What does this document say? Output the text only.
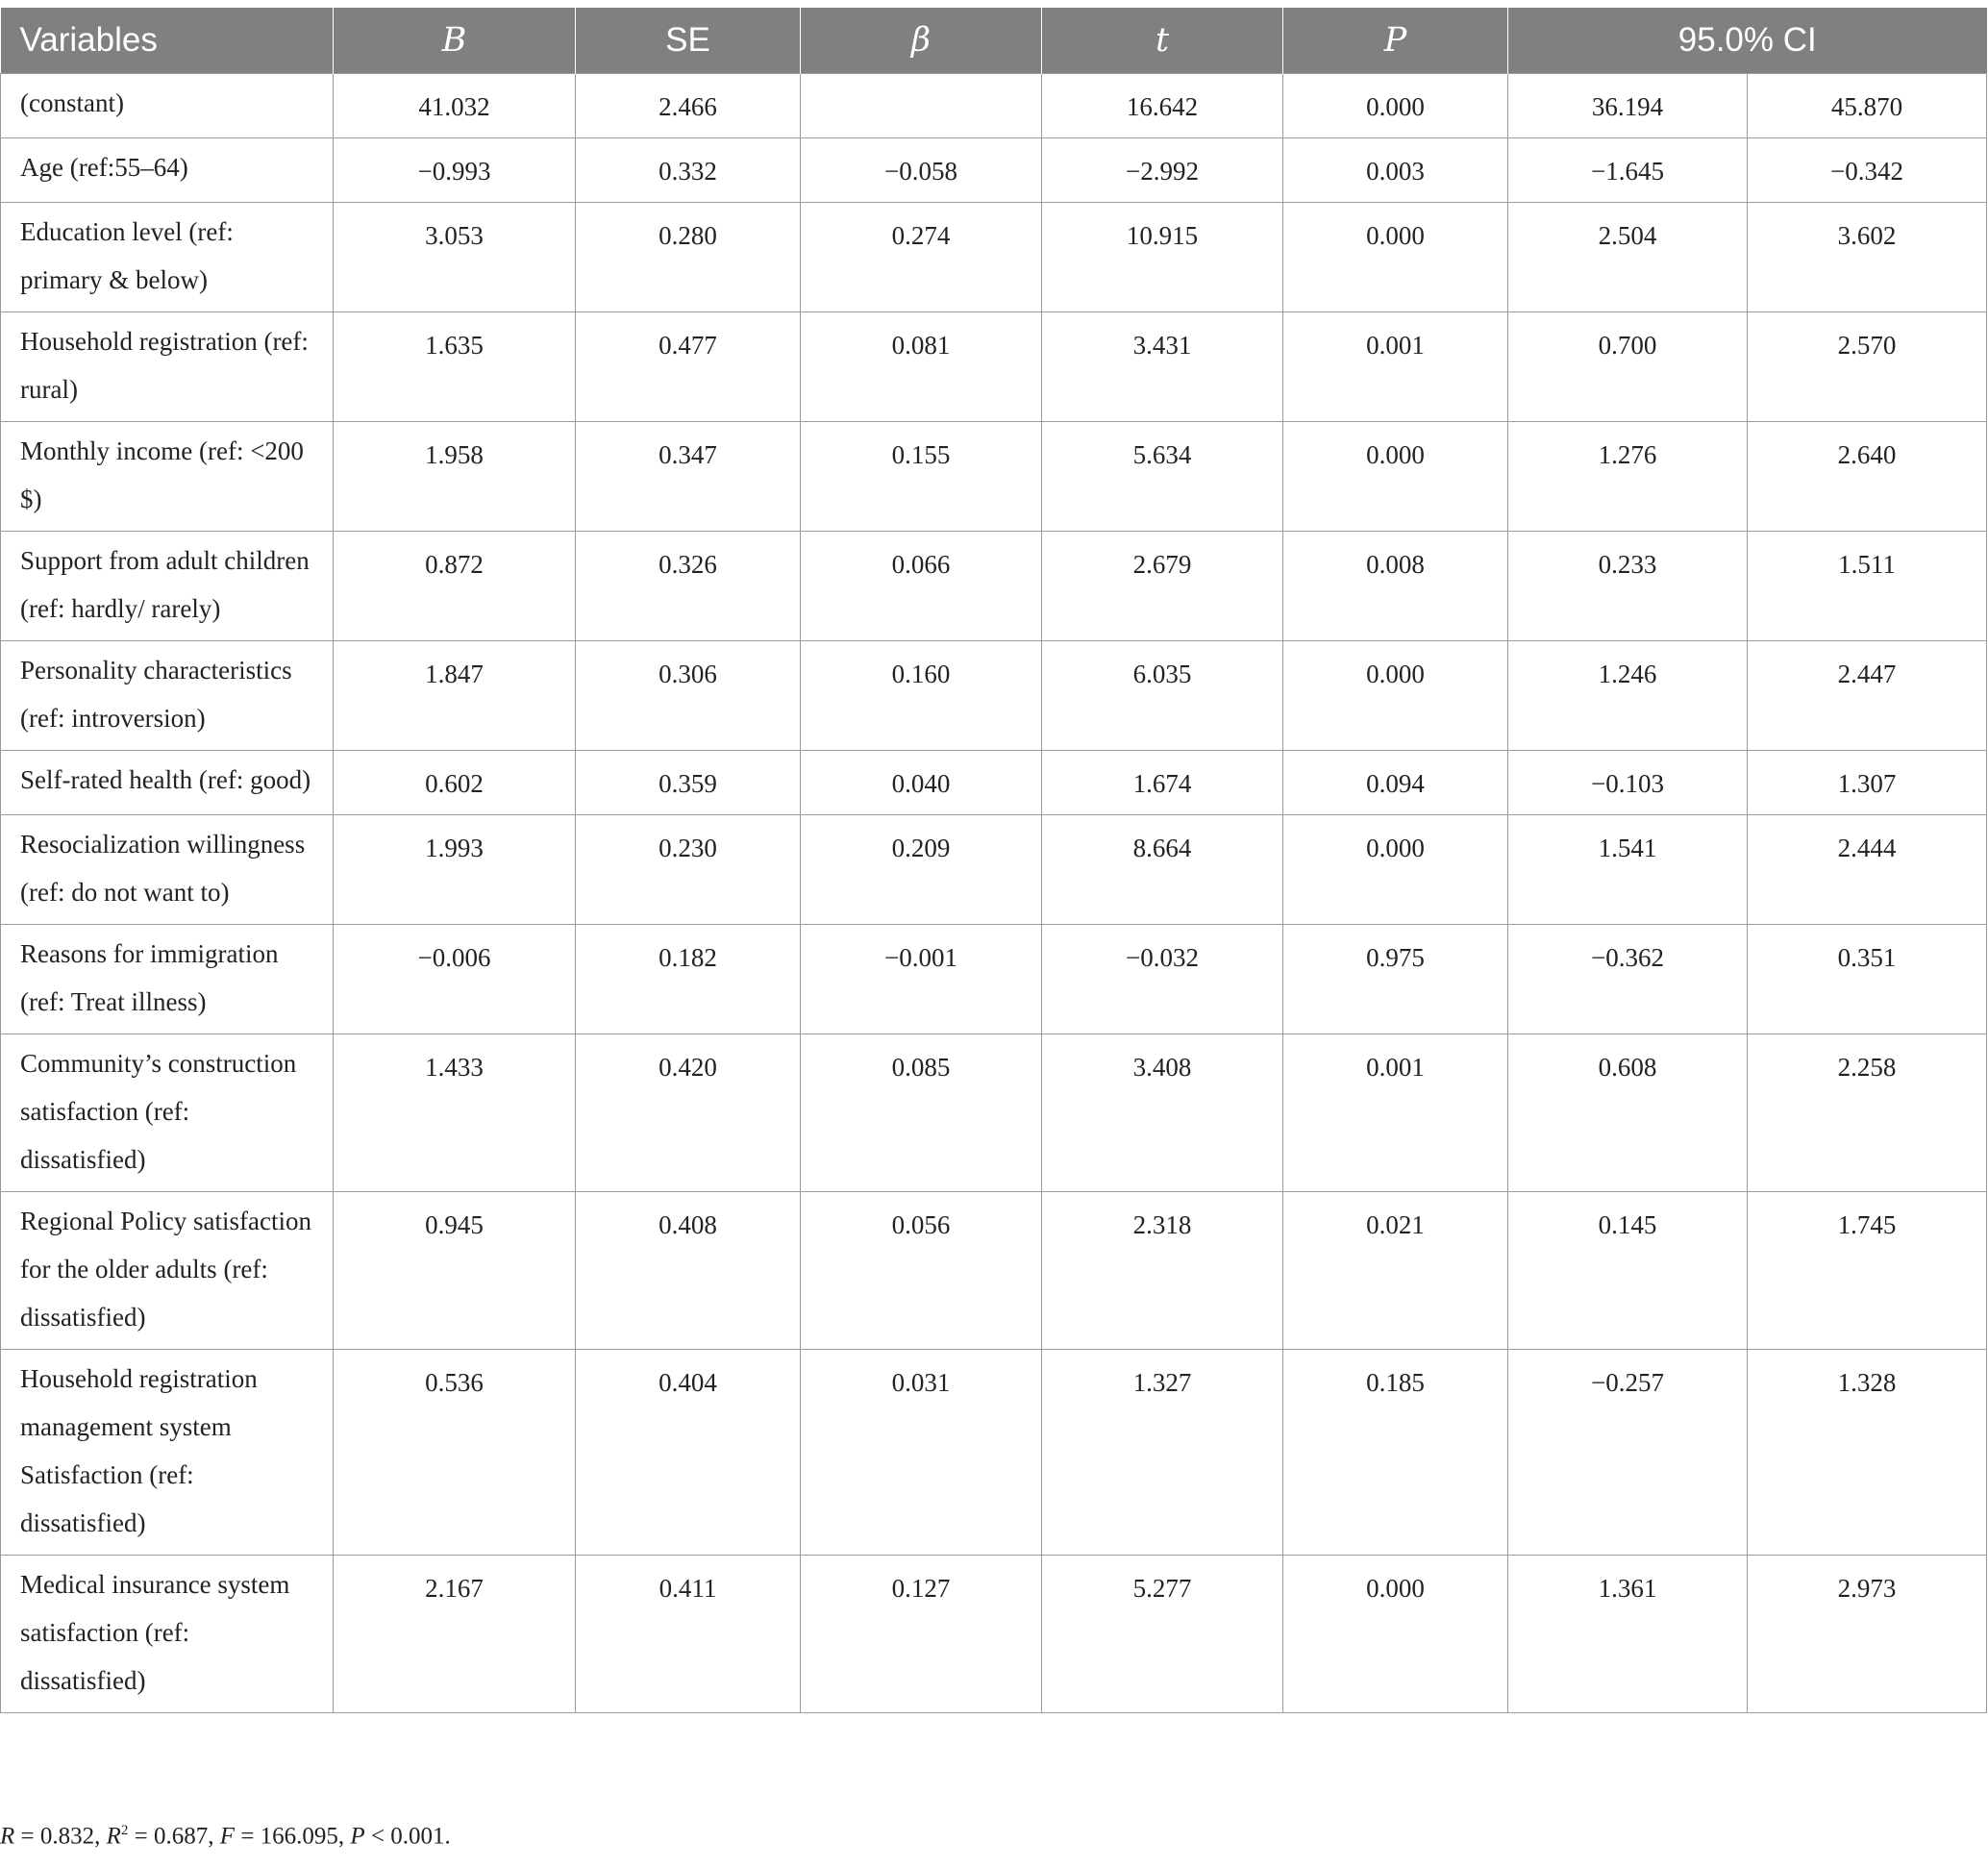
Variables	B	SE	β	t	P	95.0% CI	
(constant)	41.032	2.466		16.642	0.000	36.194	45.870
Age (ref:55–64)	−0.993	0.332	−0.058	−2.992	0.003	−1.645	−0.342
Education level (ref: primary & below)	3.053	0.280	0.274	10.915	0.000	2.504	3.602
Household registration (ref: rural)	1.635	0.477	0.081	3.431	0.001	0.700	2.570
Monthly income (ref: <200 $)	1.958	0.347	0.155	5.634	0.000	1.276	2.640
Support from adult children (ref: hardly/ rarely)	0.872	0.326	0.066	2.679	0.008	0.233	1.511
Personality characteristics (ref: introversion)	1.847	0.306	0.160	6.035	0.000	1.246	2.447
Self-rated health (ref: good)	0.602	0.359	0.040	1.674	0.094	−0.103	1.307
Resocialization willingness (ref: do not want to)	1.993	0.230	0.209	8.664	0.000	1.541	2.444
Reasons for immigration (ref: Treat illness)	−0.006	0.182	−0.001	−0.032	0.975	−0.362	0.351
Community’s construction satisfaction (ref: dissatisfied)	1.433	0.420	0.085	3.408	0.001	0.608	2.258
Regional Policy satisfaction for the older adults (ref: dissatisfied)	0.945	0.408	0.056	2.318	0.021	0.145	1.745
Household registration management system Satisfaction (ref: dissatisfied)	0.536	0.404	0.031	1.327	0.185	−0.257	1.328
Medical insurance system satisfaction (ref: dissatisfied)	2.167	0.411	0.127	5.277	0.000	1.361	2.973
R = 0.832, $R^2 = 0.687$, F = 166.095, P < 0.001.
